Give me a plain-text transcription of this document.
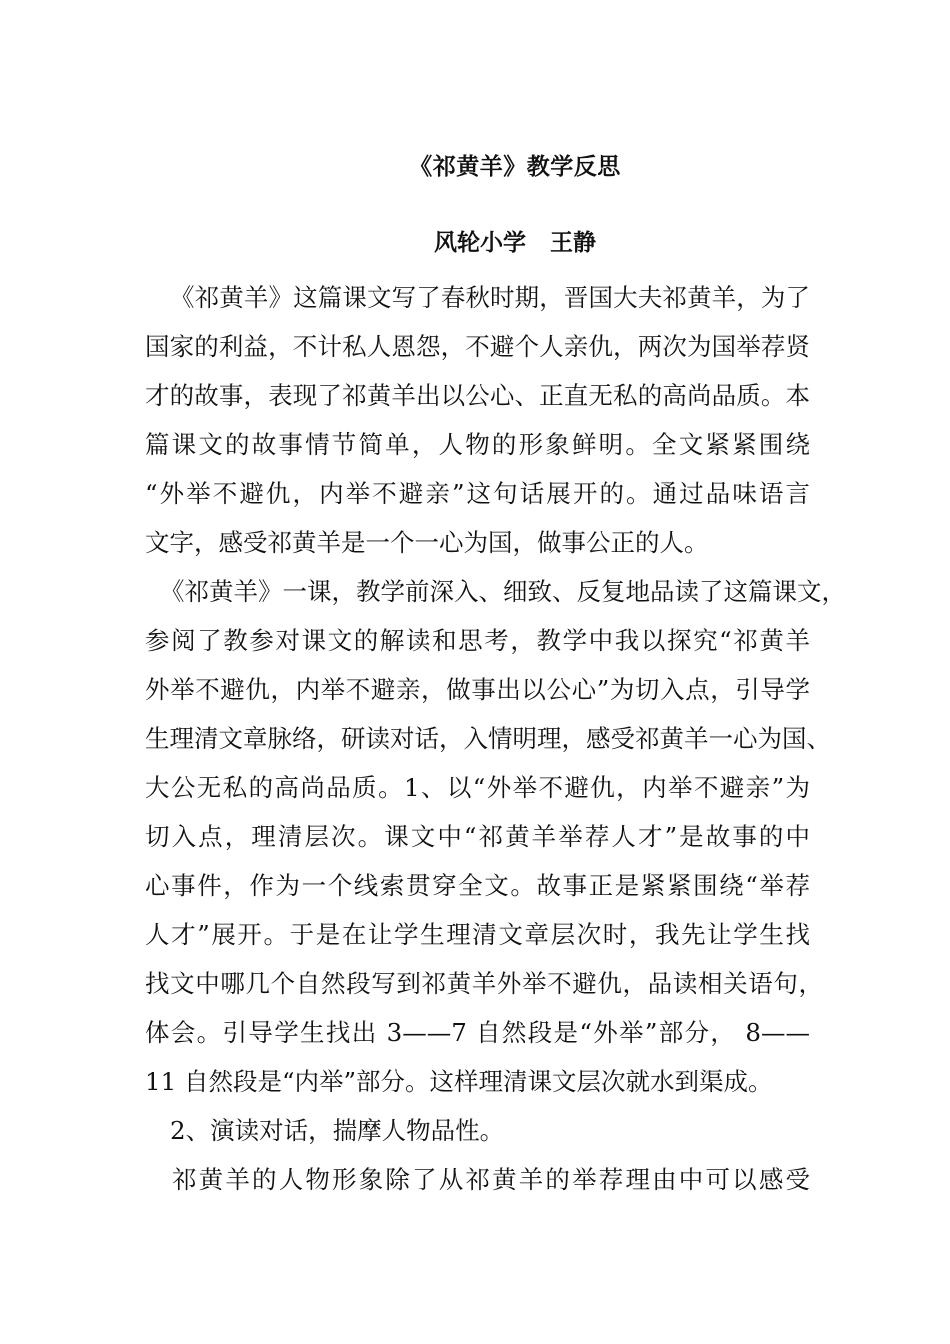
《祁黄羊》教学反思
风轮小学   王静
《祁黄羊》这篇课文写了春秋时期，晋国大夫祁黄羊，为了
国家的利益，不计私人恩怨，不避个人亲仇，两次为国举荐贤
才的故事，表现了祁黄羊出以公心、正直无私的高尚品质。本
篇课文的故事情节简单，人物的形象鲜明。全文紧紧围绕
“外举不避仇，内举不避亲”这句话展开的。通过品味语言
文字，感受祁黄羊是一个一心为国，做事公正的人。
《祁黄羊》一课，教学前深入、细致、反复地品读了这篇课文，
参阅了教参对课文的解读和思考，教学中我以探究“祁黄羊
外举不避仇，内举不避亲，做事出以公心”为切入点，引导学
生理清文章脉络，研读对话，入情明理，感受祁黄羊一心为国、
大公无私的高尚品质。1、以“外举不避仇，内举不避亲”为
切入点，理清层次。课文中“祁黄羊举荐人才”是故事的中
心事件，作为一个线索贯穿全文。故事正是紧紧围绕“举荐
人才”展开。于是在让学生理清文章层次时，我先让学生找
找文中哪几个自然段写到祁黄羊外举不避仇，品读相关语句，
体会。引导学生找出 3——7 自然段是“外举”部分， 8——
11 自然段是“内举”部分。这样理清课文层次就水到渠成。
2、演读对话，揣摩人物品性。
祁黄羊的人物形象除了从祁黄羊的举荐理由中可以感受
